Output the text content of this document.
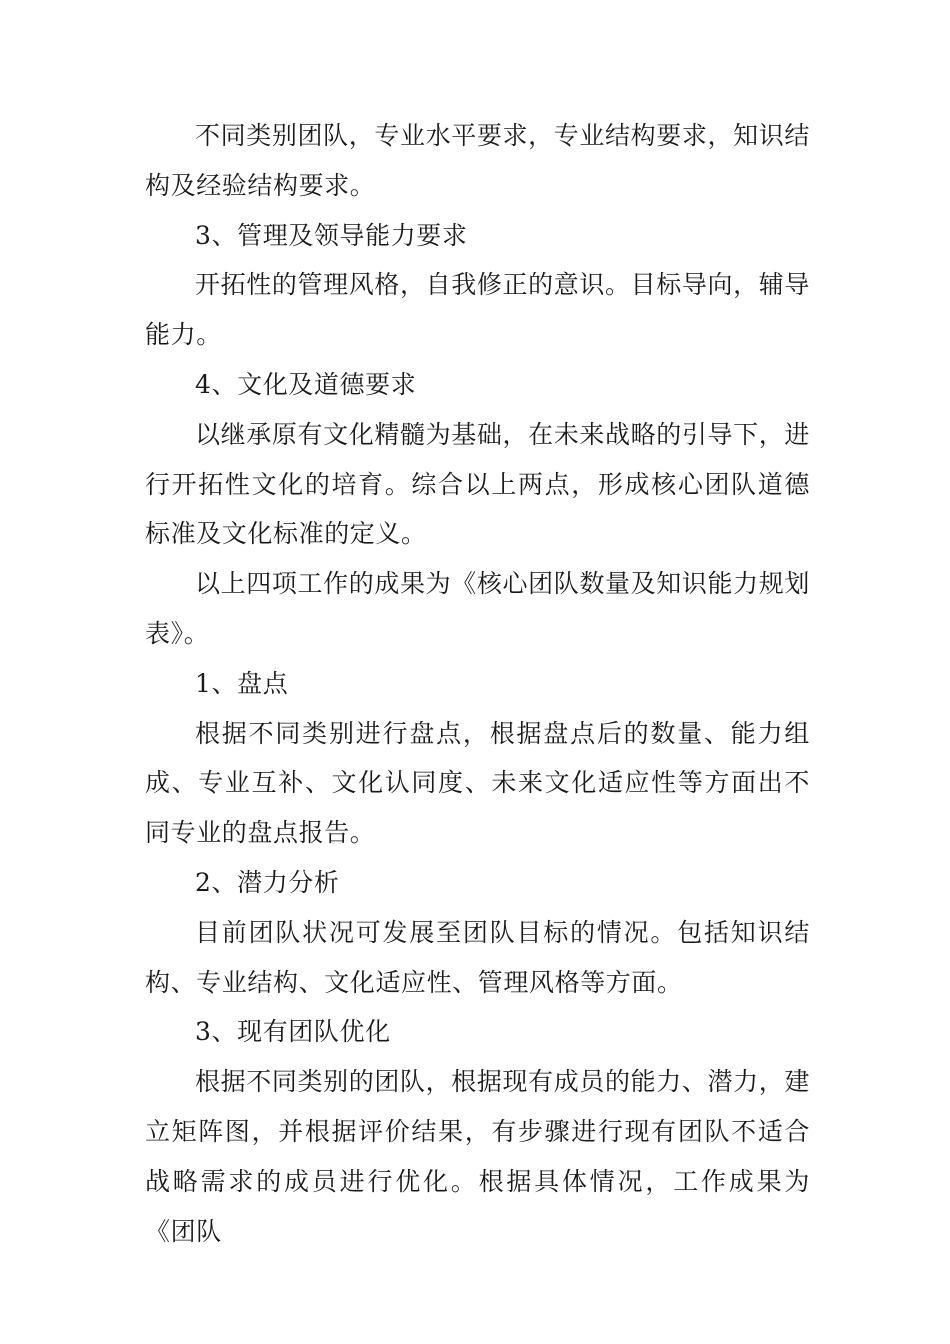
不同类别团队，专业水平要求，专业结构要求，知识结构及经验结构要求。

3、管理及领导能力要求

开拓性的管理风格，自我修正的意识。目标导向，辅导能力。

4、文化及道德要求

以继承原有文化精髓为基础，在未来战略的引导下，进行开拓性文化的培育。综合以上两点，形成核心团队道德标准及文化标准的定义。

以上四项工作的成果为《核心团队数量及知识能力规划表》。

1、盘点

根据不同类别进行盘点，根据盘点后的数量、能力组成、专业互补、文化认同度、未来文化适应性等方面出不同专业的盘点报告。

2、潜力分析

目前团队状况可发展至团队目标的情况。包括知识结构、专业结构、文化适应性、管理风格等方面。

3、现有团队优化

根据不同类别的团队，根据现有成员的能力、潜力，建立矩阵图，并根据评价结果，有步骤进行现有团队不适合战略需求的成员进行优化。根据具体情况，工作成果为《团队
